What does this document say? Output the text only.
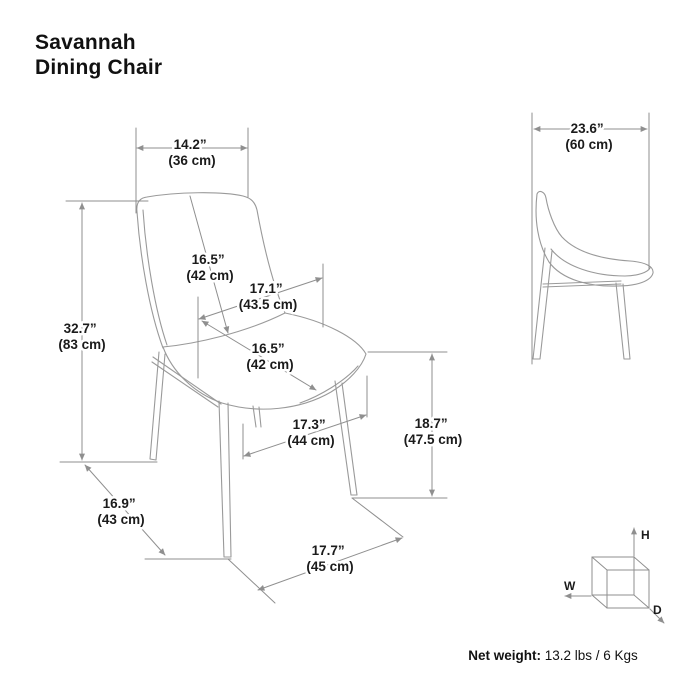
Savannah
Dining Chair
14.2” (36 cm)
32.7” (83 cm)
16.5” (42 cm)
17.1” (43.5 cm)
16.5” (42 cm)
17.3” (44 cm)
18.7” (47.5 cm)
16.9” (43 cm)
17.7” (45 cm)
23.6” (60 cm)
H
W
D
Net weight: 13.2 lbs / 6 Kgs
